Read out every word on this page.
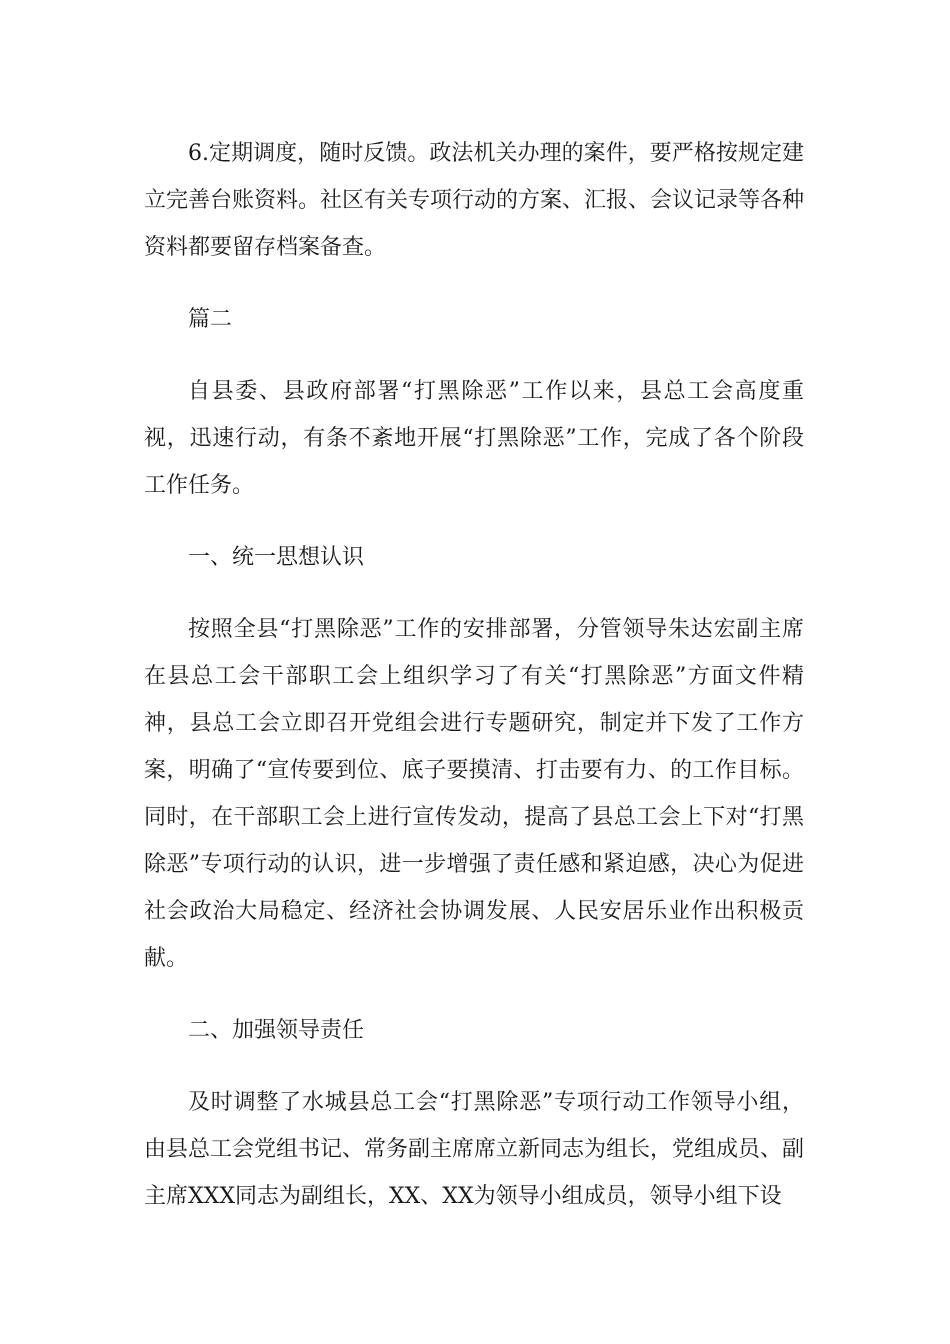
6.定期调度，随时反馈。政法机关办理的案件，要严格按规定建立完善台账资料。社区有关专项行动的方案、汇报、会议记录等各种资料都要留存档案备查。

篇二

自县委、县政府部署“打黑除恶”工作以来，县总工会高度重视，迅速行动，有条不紊地开展“打黑除恶”工作，完成了各个阶段工作任务。

一、统一思想认识

按照全县“打黑除恶”工作的安排部署，分管领导朱达宏副主席在县总工会干部职工会上组织学习了有关“打黑除恶”方面文件精神，县总工会立即召开党组会进行专题研究，制定并下发了工作方案，明确了“宣传要到位、底子要摸清、打击要有力、的工作目标。同时，在干部职工会上进行宣传发动，提高了县总工会上下对“打黑除恶”专项行动的认识，进一步增强了责任感和紧迫感，决心为促进社会政治大局稳定、经济社会协调发展、人民安居乐业作出积极贡献。

二、加强领导责任

及时调整了水城县总工会“打黑除恶”专项行动工作领导小组，由县总工会党组书记、常务副主席席立新同志为组长，党组成员、副主席XXX同志为副组长，XX、XX为领导小组成员，领导小组下设
